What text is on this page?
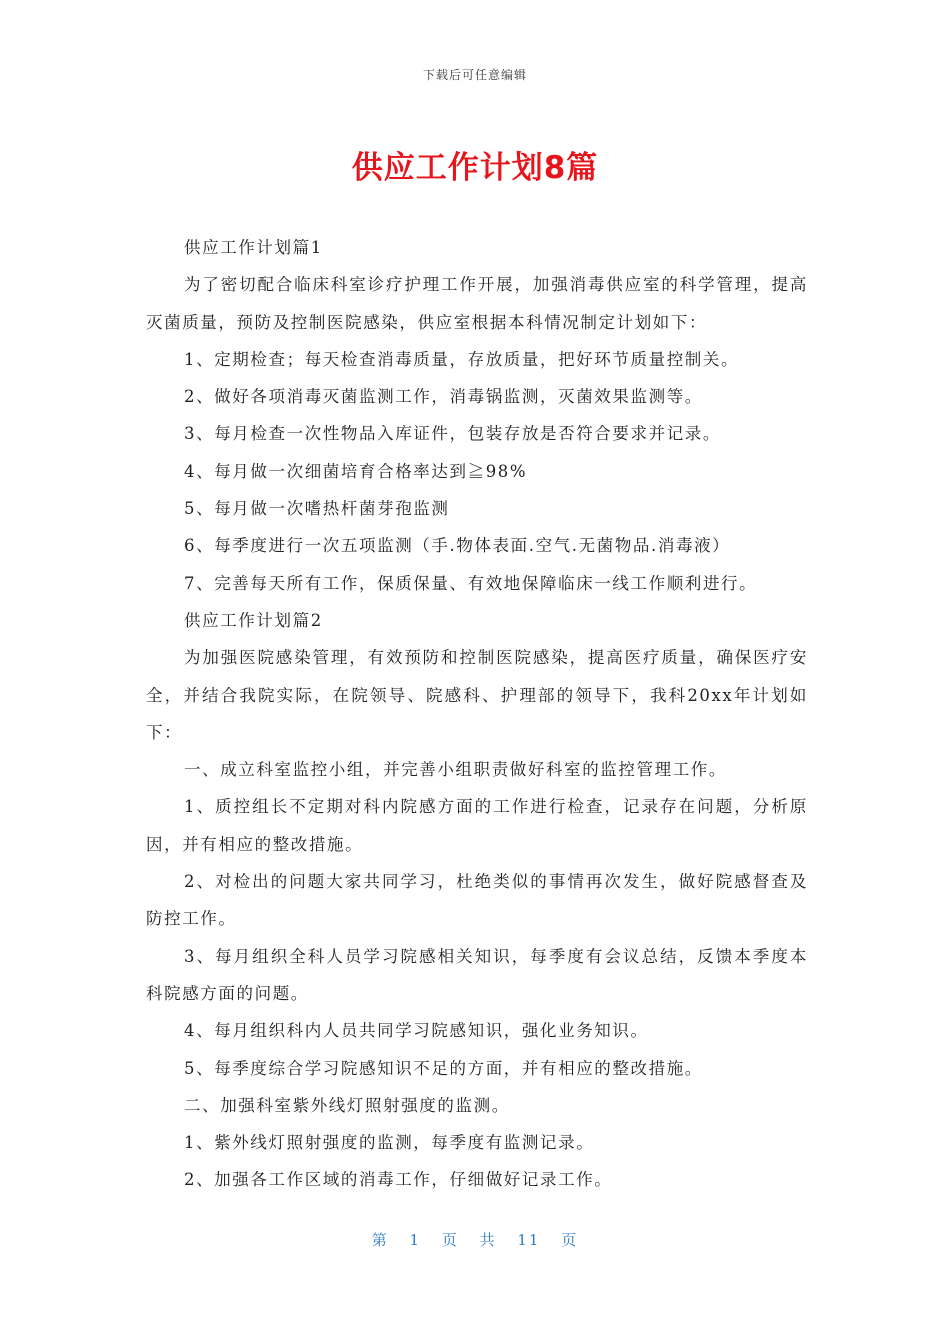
下载后可任意编辑
供应工作计划8篇

供应工作计划篇1

为了密切配合临床科室诊疗护理工作开展，加强消毒供应室的科学管理，提高灭菌质量，预防及控制医院感染，供应室根据本科情况制定计划如下：

1、定期检查；每天检查消毒质量，存放质量，把好环节质量控制关。

2、做好各项消毒灭菌监测工作，消毒锅监测，灭菌效果监测等。

3、每月检查一次性物品入库证件，包装存放是否符合要求并记录。

4、每月做一次细菌培育合格率达到≧98%

5、每月做一次嗜热杆菌芽孢监测

6、每季度进行一次五项监测（手.物体表面.空气.无菌物品.消毒液）

7、完善每天所有工作，保质保量、有效地保障临床一线工作顺利进行。

供应工作计划篇2

为加强医院感染管理，有效预防和控制医院感染，提高医疗质量，确保医疗安全，并结合我院实际，在院领导、院感科、护理部的领导下，我科20xx年计划如下：

一、成立科室监控小组，并完善小组职责做好科室的监控管理工作。

1、质控组长不定期对科内院感方面的工作进行检查，记录存在问题，分析原因，并有相应的整改措施。

2、对检出的问题大家共同学习，杜绝类似的事情再次发生，做好院感督查及防控工作。

3、每月组织全科人员学习院感相关知识，每季度有会议总结，反馈本季度本科院感方面的问题。

4、每月组织科内人员共同学习院感知识，强化业务知识。

5、每季度综合学习院感知识不足的方面，并有相应的整改措施。

二、加强科室紫外线灯照射强度的监测。

1、紫外线灯照射强度的监测，每季度有监测记录。

2、加强各工作区域的消毒工作，仔细做好记录工作。

第 1 页 共 11 页
